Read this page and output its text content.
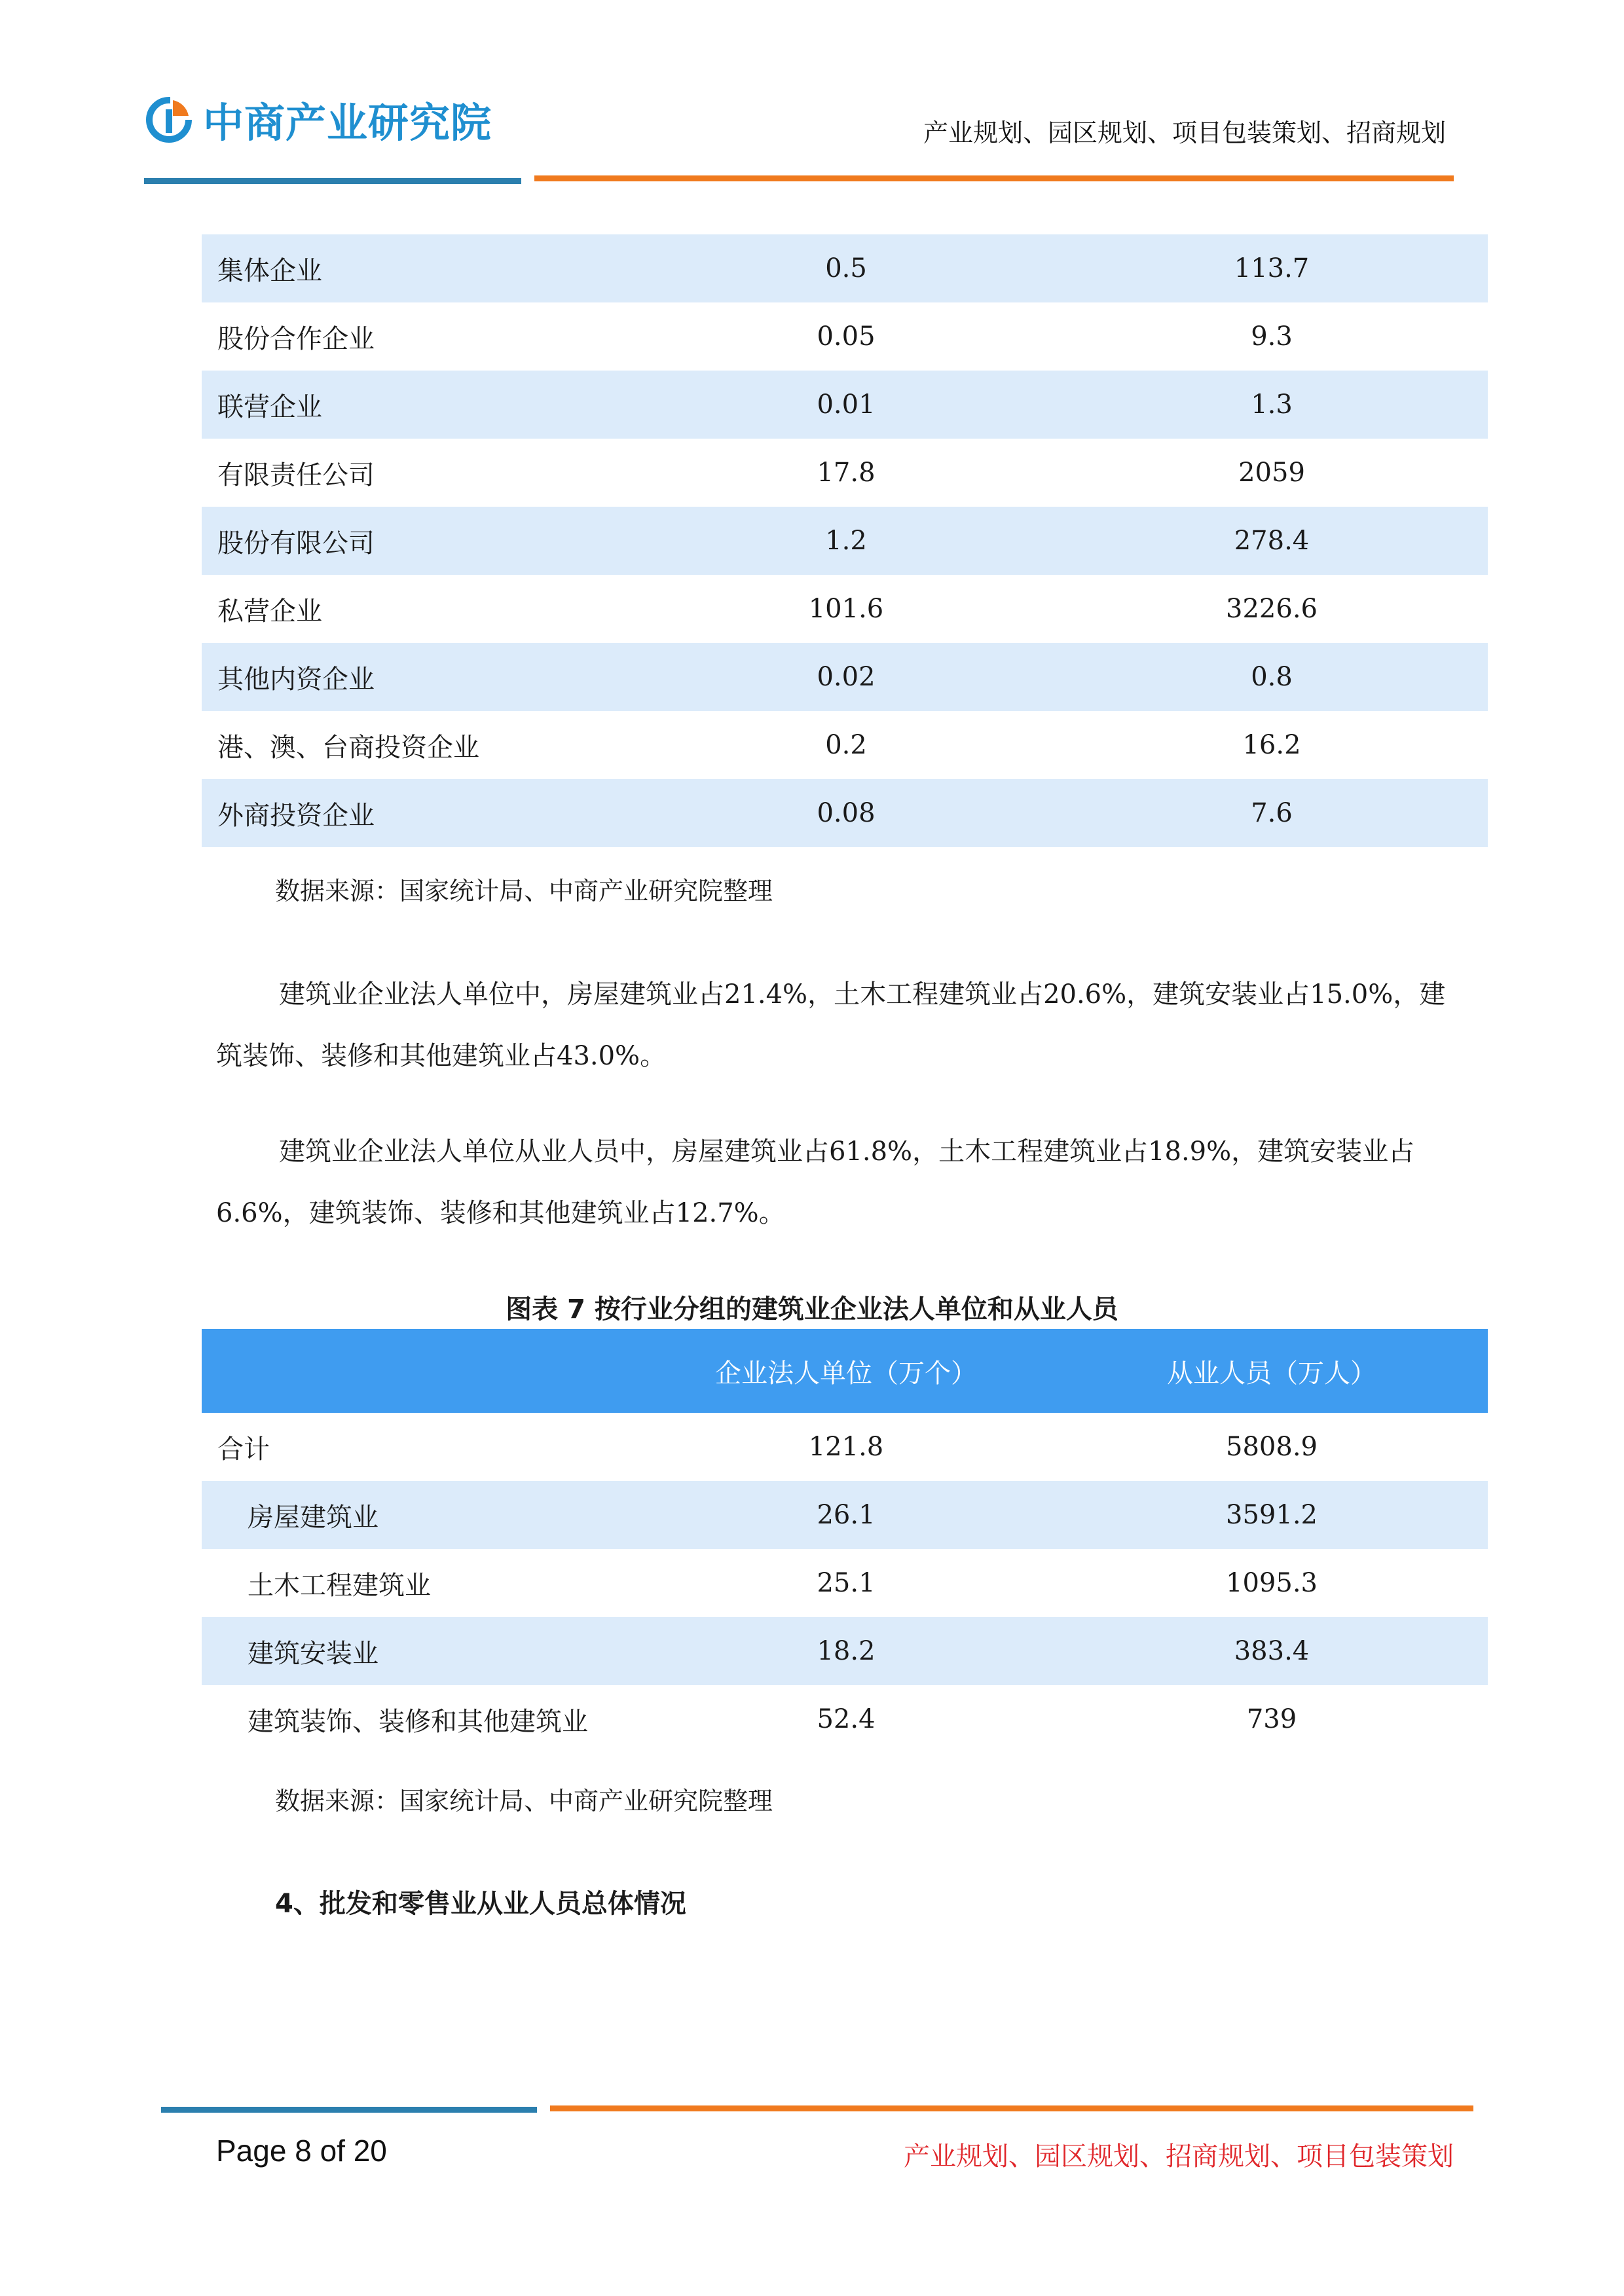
中商产业研究院	产业规划、园区规划、项目包装策划、招商规划
集体企业	0.5	113.7
股份合作企业	0.05	9.3
联营企业	0.01	1.3
有限责任公司	17.8	2059
股份有限公司	1.2	278.4
私营企业	101.6	3226.6
其他内资企业	0.02	0.8
港、澳、台商投资企业	0.2	16.2
外商投资企业	0.08	7.6
数据来源：国家统计局、中商产业研究院整理
建筑业企业法人单位中，房屋建筑业占21.4%，土木工程建筑业占20.6%，建筑安装业占15.0%，建筑装饰、装修和其他建筑业占43.0%。
建筑业企业法人单位从业人员中，房屋建筑业占61.8%，土木工程建筑业占18.9%，建筑安装业占6.6%，建筑装饰、装修和其他建筑业占12.7%。
图表 7 按行业分组的建筑业企业法人单位和从业人员
	企业法人单位（万个）	从业人员（万人）
合计	121.8	5808.9
房屋建筑业	26.1	3591.2
土木工程建筑业	25.1	1095.3
建筑安装业	18.2	383.4
建筑装饰、装修和其他建筑业	52.4	739
数据来源：国家统计局、中商产业研究院整理
4、批发和零售业从业人员总体情况
Page 8 of 20	产业规划、园区规划、招商规划、项目包装策划
